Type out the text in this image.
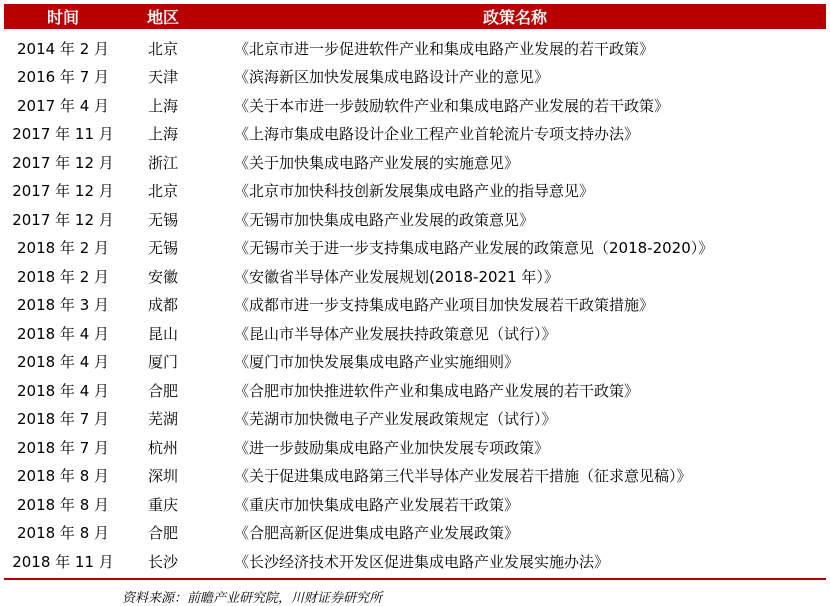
时间	地区	政策名称
2014 年 2 月	北京	《北京市进一步促进软件产业和集成电路产业发展的若干政策》
2016 年 7 月	天津	《滨海新区加快发展集成电路设计产业的意见》
2017 年 4 月	上海	《关于本市进一步鼓励软件产业和集成电路产业发展的若干政策》
2017 年 11 月	上海	《上海市集成电路设计企业工程产业首轮流片专项支持办法》
2017 年 12 月	浙江	《关于加快集成电路产业发展的实施意见》
2017 年 12 月	北京	《北京市加快科技创新发展集成电路产业的指导意见》
2017 年 12 月	无锡	《无锡市加快集成电路产业发展的政策意见》
2018 年 2 月	无锡	《无锡市关于进一步支持集成电路产业发展的政策意见（2018-2020）》
2018 年 2 月	安徽	《安徽省半导体产业发展规划(2018-2021 年）》
2018 年 3 月	成都	《成都市进一步支持集成电路产业项目加快发展若干政策措施》
2018 年 4 月	昆山	《昆山市半导体产业发展扶持政策意见（试行）》
2018 年 4 月	厦门	《厦门市加快发展集成电路产业实施细则》
2018 年 4 月	合肥	《合肥市加快推进软件产业和集成电路产业发展的若干政策》
2018 年 7 月	芜湖	《芜湖市加快微电子产业发展政策规定（试行）》
2018 年 7 月	杭州	《进一步鼓励集成电路产业加快发展专项政策》
2018 年 8 月	深圳	《关于促进集成电路第三代半导体产业发展若干措施（征求意见稿）》
2018 年 8 月	重庆	《重庆市加快集成电路产业发展若干政策》
2018 年 8 月	合肥	《合肥高新区促进集成电路产业发展政策》
2018 年 11 月	长沙	《长沙经济技术开发区促进集成电路产业发展实施办法》
资料来源：前瞻产业研究院，川财证券研究所
